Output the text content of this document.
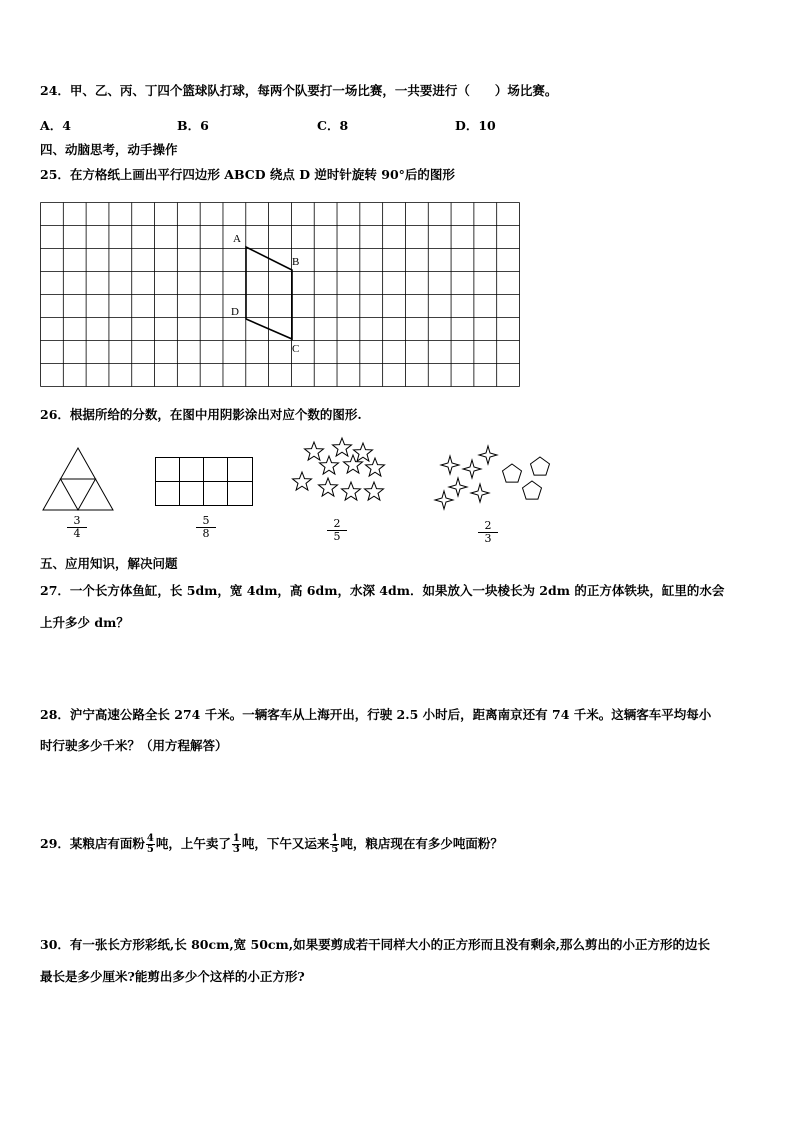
24．甲、乙、丙、丁四个篮球队打球，每两个队要打一场比赛，一共要进行（　　）场比赛。
A．4	B．6	C．8	D．10
四、动脑思考，动手操作
25．在方格纸上画出平行四边形 ABCD 绕点 D 逆时针旋转 90°后的图形
A
B
C
D
26．根据所给的分数，在图中用阴影涂出对应个数的图形.
$\frac{3}{4}$	$\frac{5}{8}$	$\frac{2}{5}$	$\frac{2}{3}$
五、应用知识，解决问题
27．一个长方体鱼缸，长 5dm，宽 4dm，高 6dm，水深 4dm．如果放入一块棱长为 2dm 的正方体铁块，缸里的水会
上升多少 dm？
28．沪宁高速公路全长 274 千米。一辆客车从上海开出，行驶 2.5 小时后，距离南京还有 74 千米。这辆客车平均每小
时行驶多少千米？（用方程解答）
29．某粮店有面粉 $\frac{4}{5}$ 吨，上午卖了 $\frac{1}{3}$ 吨，下午又运来 $\frac{1}{5}$ 吨，粮店现在有多少吨面粉？
30．有一张长方形彩纸,长 80cm,宽 50cm,如果要剪成若干同样大小的正方形而且没有剩余,那么剪出的小正方形的边长
最长是多少厘米?能剪出多少个这样的小正方形?
